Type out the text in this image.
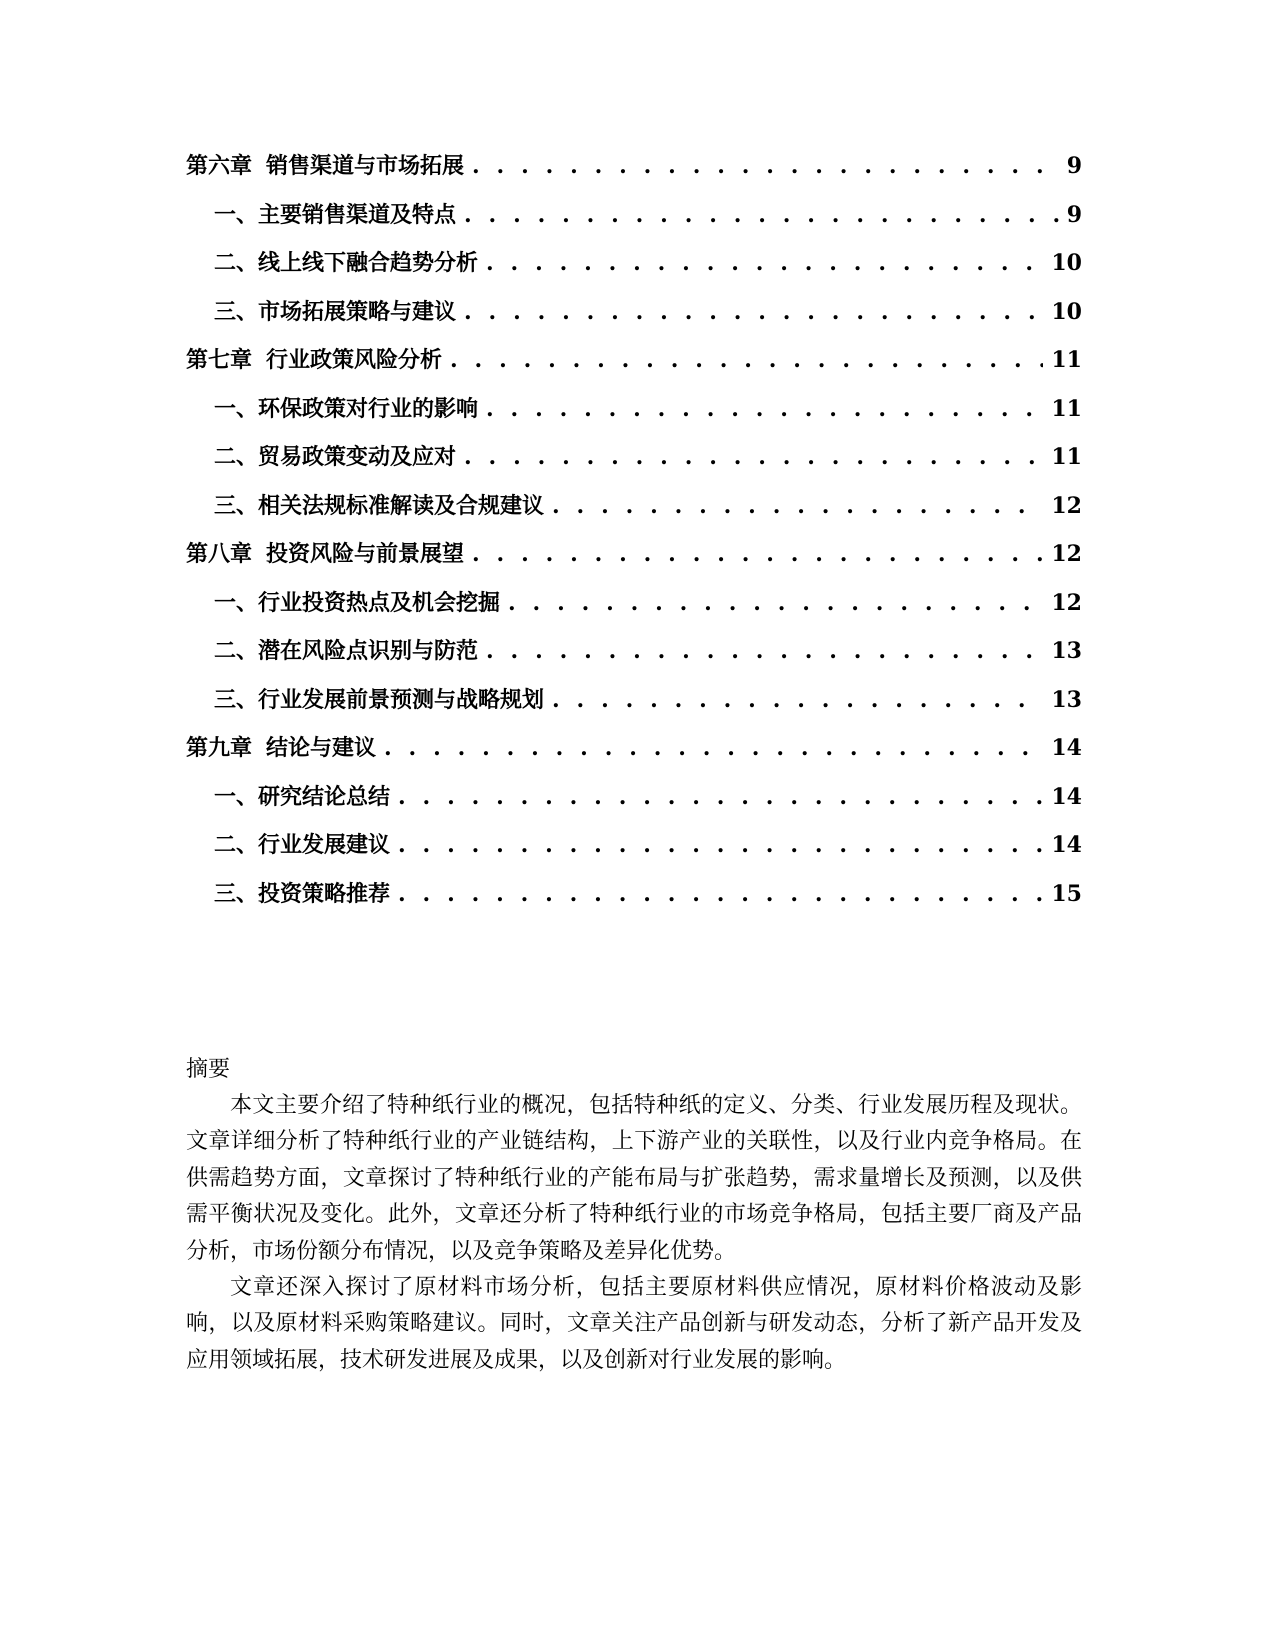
第六章 销售渠道与市场拓展 . . .	9
一、 主要销售渠道及特点 . . .	9
二、 线上线下融合趋势分析 . . .	10
三、 市场拓展策略与建议 . . .	10
第七章 行业政策风险分析 . . .	11
一、 环保政策对行业的影响 . . .	11
二、 贸易政策变动及应对 . . .	11
三、 相关法规标准解读及合规建议 . . .	12
第八章 投资风险与前景展望 . . .	12
一、 行业投资热点及机会挖掘 . . .	12
二、 潜在风险点识别与防范 . . .	13
三、 行业发展前景预测与战略规划 . . .	13
第九章 结论与建议 . . .	14
一、 研究结论总结 . . .	14
二、 行业发展建议 . . .	14
三、 投资策略推荐 . . .	15
摘要

本文主要介绍了特种纸行业的概况，包括特种纸的定义、分类、行业发展历程及现状。文章详细分析了特种纸行业的产业链结构，上下游产业的关联性，以及行业内竞争格局。在供需趋势方面，文章探讨了特种纸行业的产能布局与扩张趋势，需求量增长及预测，以及供需平衡状况及变化。此外，文章还分析了特种纸行业的市场竞争格局，包括主要厂商及产品分析，市场份额分布情况，以及竞争策略及差异化优势。

文章还深入探讨了原材料市场分析，包括主要原材料供应情况，原材料价格波动及影响，以及原材料采购策略建议。同时，文章关注产品创新与研发动态，分析了新产品开发及应用领域拓展，技术研发进展及成果，以及创新对行业发展的影响。
